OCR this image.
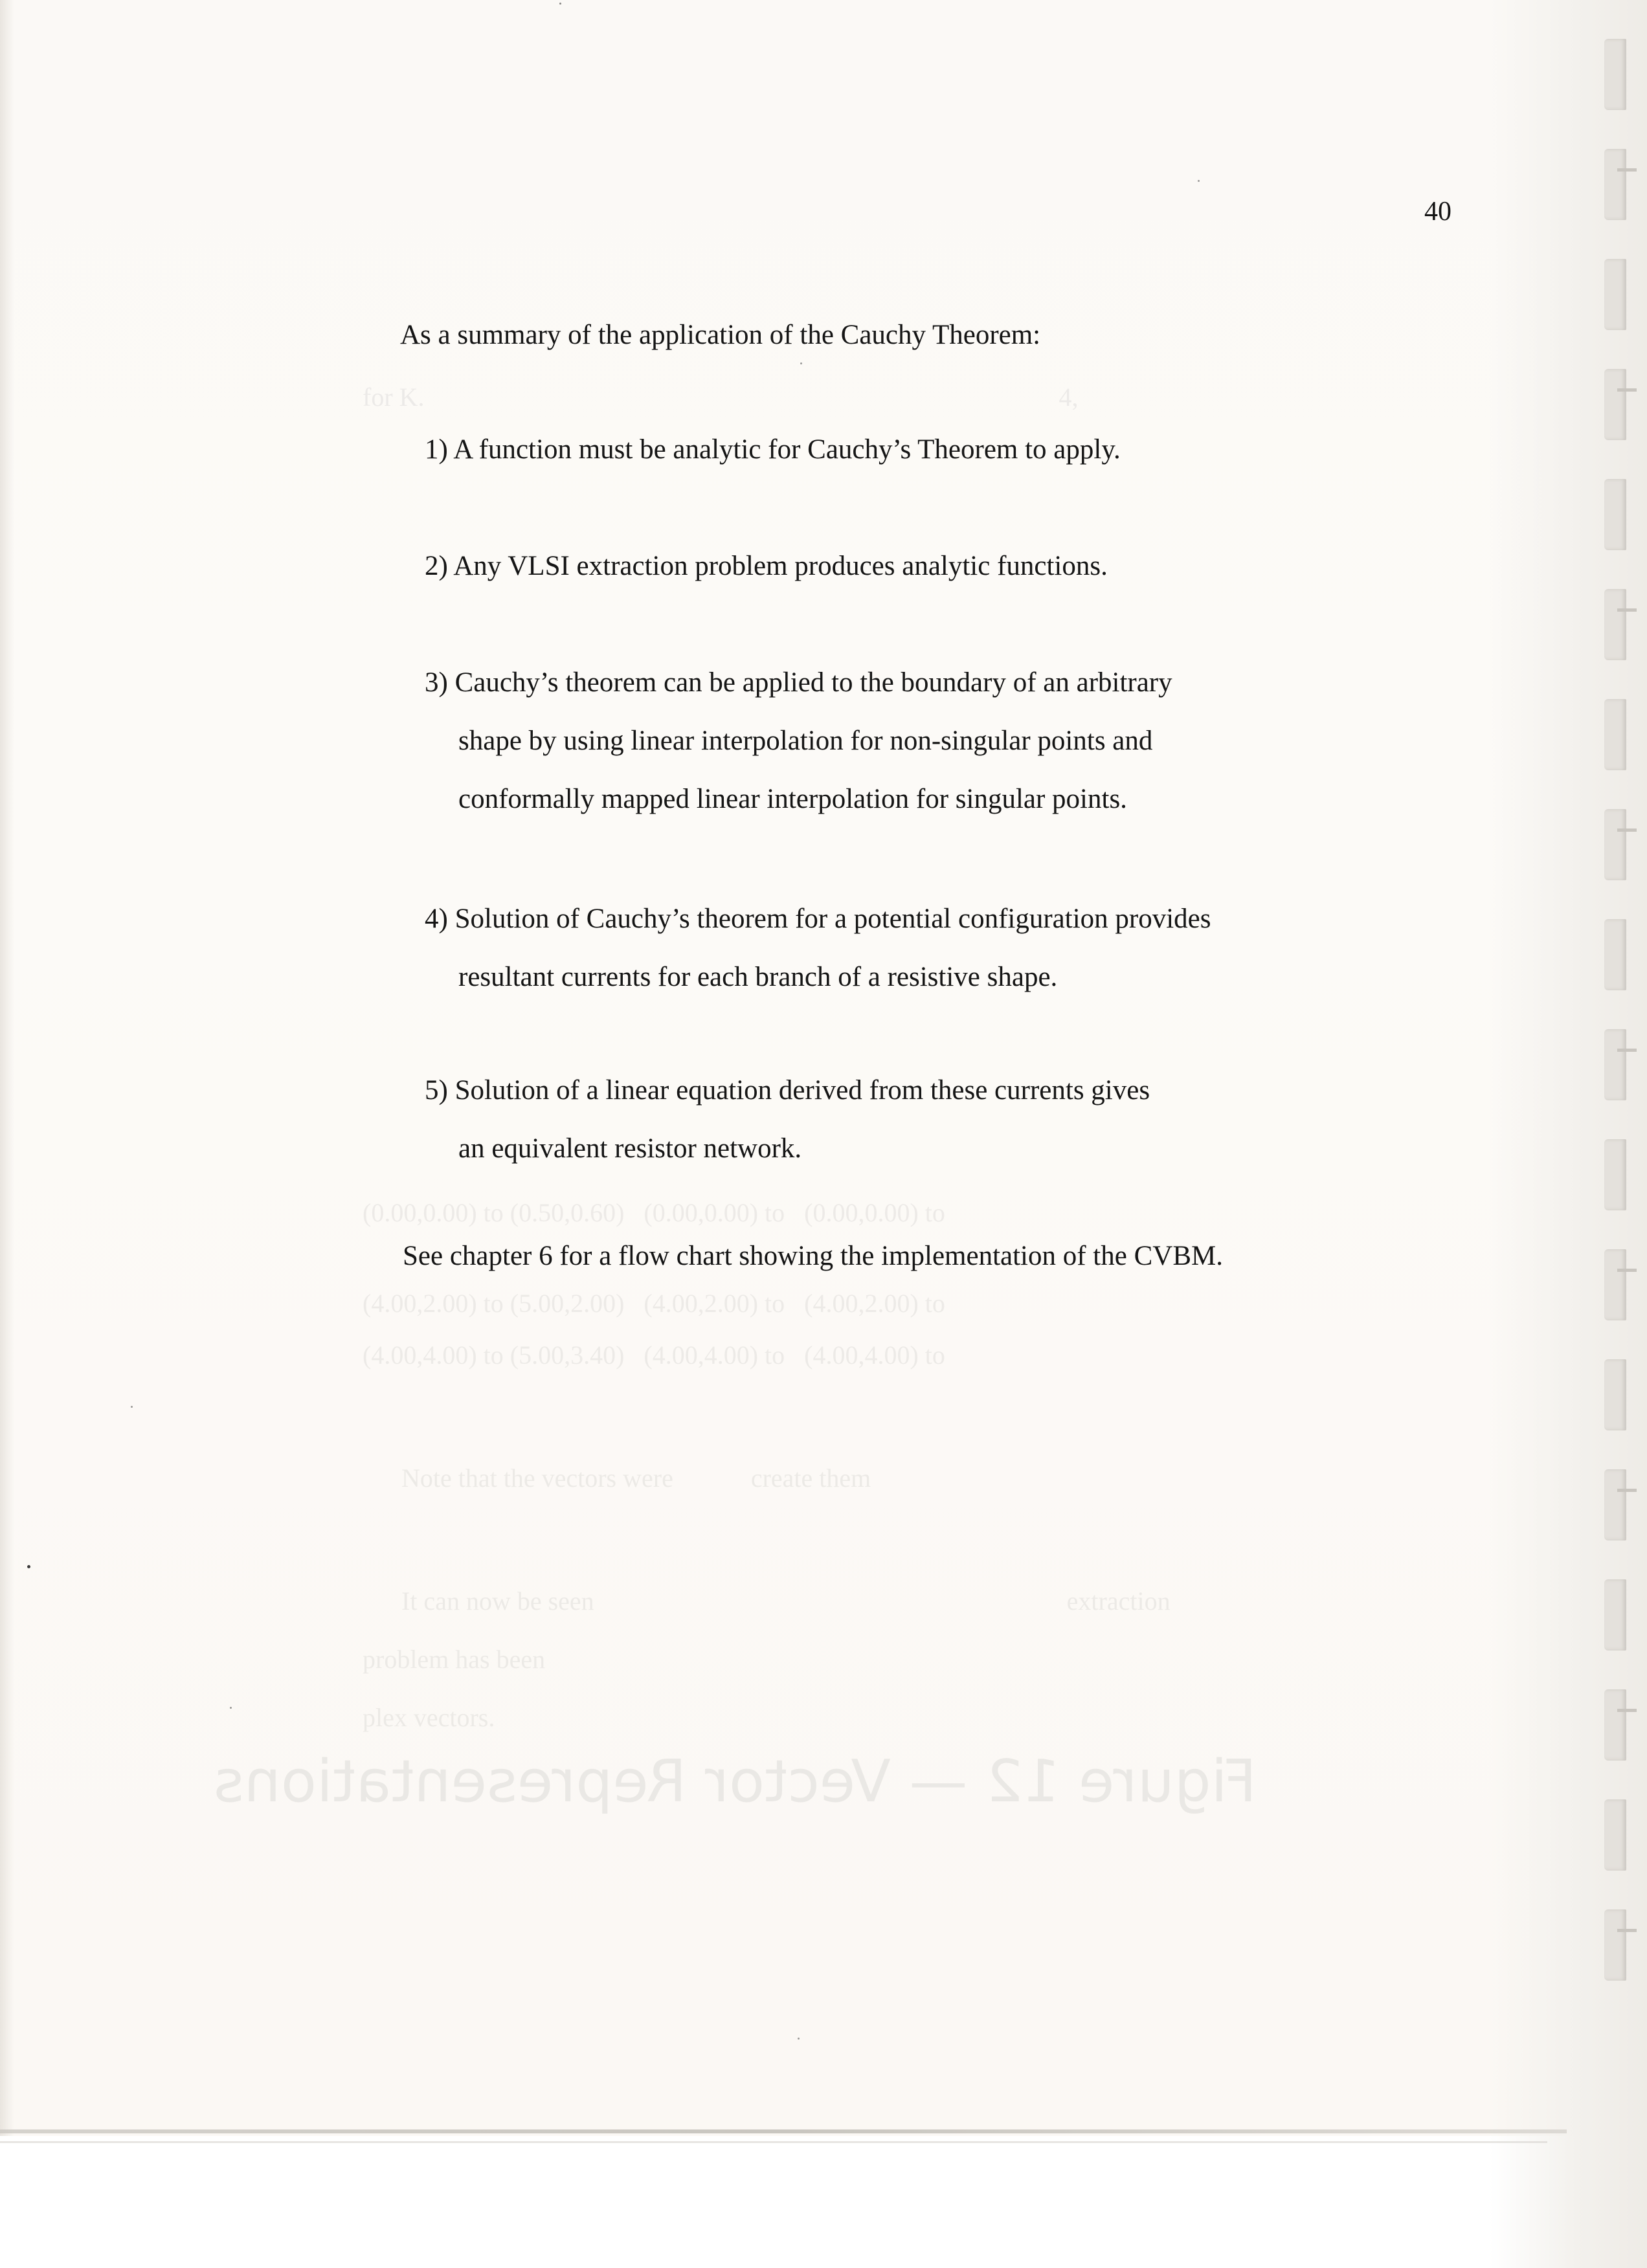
40
As a summary of the application of the Cauchy Theorem:
1) A function must be analytic for Cauchy’s Theorem to apply.
2) Any VLSI extraction problem produces analytic functions.
3) Cauchy’s theorem can be applied to the boundary of an arbitrary
shape by using linear interpolation for non-singular points and
conformally mapped linear interpolation for singular points.
4) Solution of Cauchy’s theorem for a potential configuration provides
resultant currents for each branch of a resistive shape.
5) Solution of a linear equation derived from these currents gives
an equivalent resistor network.
See chapter 6 for a flow chart showing the implementation of the CVBM.
